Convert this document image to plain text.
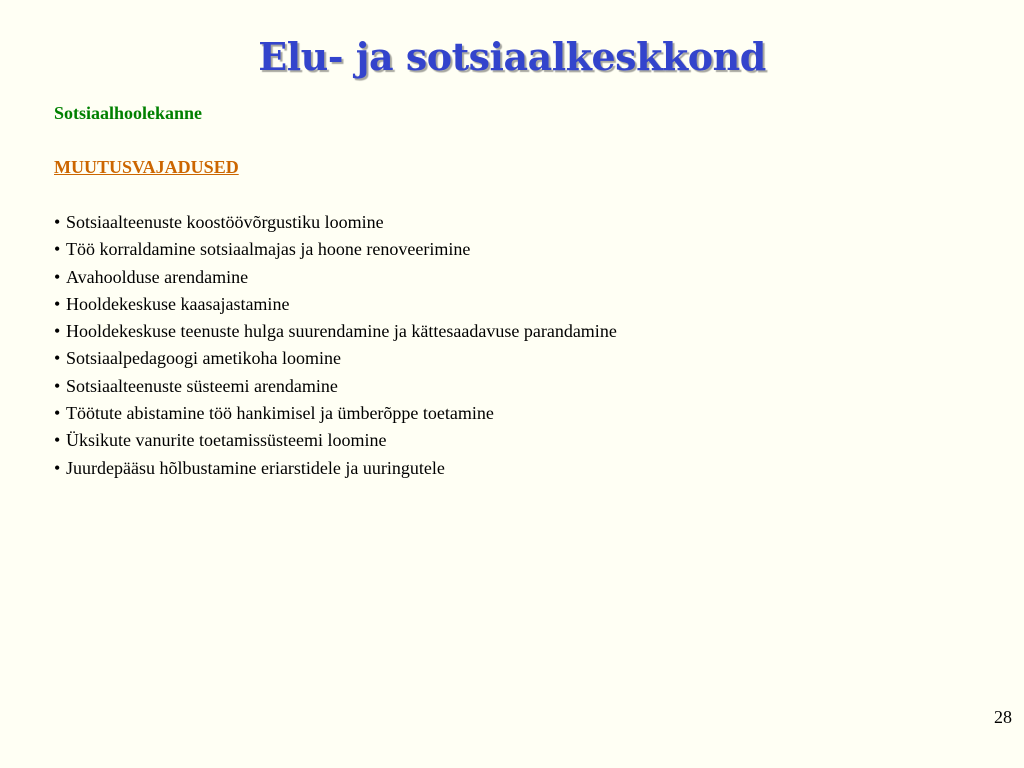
Elu- ja sotsiaalkeskkond

Sotsiaalhoolekanne

MUUTUSVAJADUSED

• Sotsiaalteenuste koostöövõrgustiku loomine
• Töö korraldamine sotsiaalmajas ja hoone renoveerimine
• Avahoolduse arendamine
• Hooldekeskuse kaasajastamine
• Hooldekeskuse teenuste hulga suurendamine ja kättesaadavuse parandamine
• Sotsiaalpedagoogi ametikoha loomine
• Sotsiaalteenuste süsteemi arendamine
• Töötute abistamine töö hankimisel ja ümberõppe toetamine
• Üksikute vanurite toetamissüsteemi loomine
• Juurdepääsu hõlbustamine eriarstidele ja uuringutele
28
